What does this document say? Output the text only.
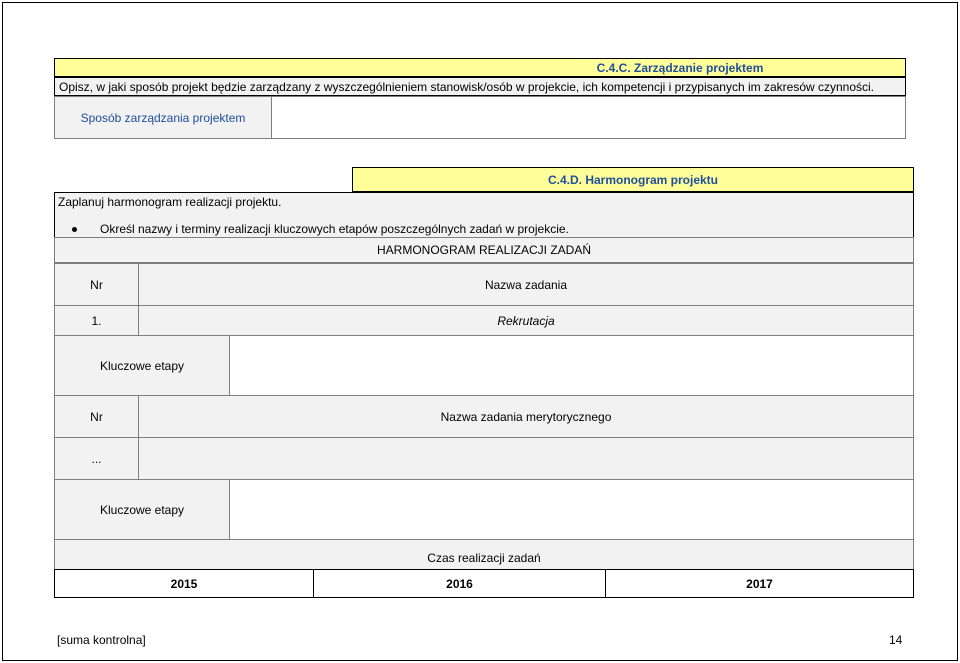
C.4.C. Zarządzanie projektem
Opisz, w jaki sposób projekt będzie zarządzany z wyszczególnieniem stanowisk/osób w projekcie, ich kompetencji i przypisanych im zakresów czynności.
Sposób zarządzania projektem
C.4.D. Harmonogram projektu
Zaplanuj harmonogram realizacji projektu.
Określ nazwy i terminy realizacji kluczowych etapów poszczególnych zadań w projekcie.
HARMONOGRAM REALIZACJI ZADAŃ
Nr	Nazwa zadania
1.	Rekrutacja
Kluczowe etapy
Nr	Nazwa zadania merytorycznego
...
Kluczowe etapy
Czas realizacji zadań
2015	2016	2017
[suma kontrolna]	14
